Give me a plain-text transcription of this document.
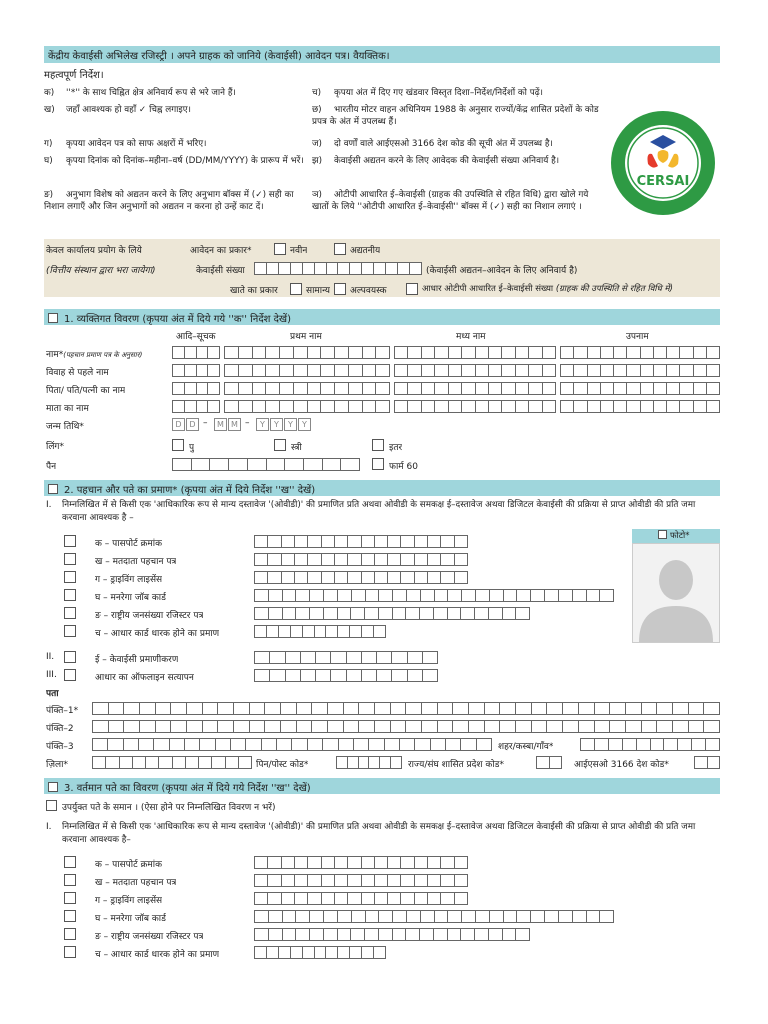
केंद्रीय केवाईसी अभिलेख रजिस्ट्री । अपने ग्राहक को जानिये (केवाईसी) आवेदन पत्र। वैयक्तिक।
महत्वपूर्ण निर्देश।
क) ''*'' के साथ चिह्नित क्षेत्र अनिवार्य रूप से भरे जाने हैं।
ख) जहाँ आवश्यक हो वहाँ ✓ चिह्न लगाइए।
ग) कृपया आवेदन पत्र को साफ अक्षरों में भरिए।
घ) कृपया दिनांक को दिनांक–महीना–वर्ष (DD/MM/YYYY) के प्रारूप में भरें।
ङ) अनुभाग विशेष को अद्यतन करने के लिए अनुभाग बॉक्स में (✓) सही का निशान लगाएँ और जिन अनुभागों को अद्यतन न करना हो उन्हें काट दें।
च) कृपया अंत में दिए गए खंडवार विस्तृत दिशा–निर्देश/निर्देशों को पढ़ें।
छ) भारतीय मोटर वाहन अधिनियम 1988 के अनुसार राज्यों/केंद्र शासित प्रदेशों के कोड प्रपत्र के अंत में उपलब्ध हैं।
ज) दो वर्णों वाले आईएसओ 3166 देश कोड की सूची अंत में उपलब्ध है।
झ) केवाईसी अद्यतन करने के लिए आवेदक की केवाईसी संख्या अनिवार्य है।
ञ) ओटीपी आधारित ई–केवाईसी (ग्राहक की उपस्थिति से रहित विधि) द्वारा खोले गये खातों के लिये ''ओटीपी आधारित ई–केवाईसी'' बॉक्स में (✓) सही का निशान लगाएं ।
CERSAI
केवल कार्यालय प्रयोग के लिये	आवेदन का प्रकार*	नवीन	अद्यतनीय
(वित्तीय संस्थान द्वारा भरा जायेगा)	केवाईसी संख्या	(केवाईसी अद्यतन–आवेदन के लिए अनिवार्य है)
खाते का प्रकार	सामान्य अल्पवयस्क	आधार ओटीपी आधारित ई–केवाईसी संख्या (ग्राहक की उपस्थिति से रहित विधि में)
1. व्यक्तिगत विवरण (कृपया अंत में दिये गये ''क'' निर्देश देखें)
आदि–सूचक	प्रथम नाम	मध्य नाम	उपनाम
नाम*(पहचान प्रमाण पत्र के अनुसार)
विवाह से पहले नाम
पिता/ पति/पत्नी का नाम
माता का नाम
जन्म तिथि*	D D –	M M –	Y	Y	Y	Y
लिंग*	पु	स्त्री	इतर
पैन	फार्म 60
2. पहचान और पते का प्रमाण* (कृपया अंत में दिये निर्देश ''ख'' देखें)
I. निम्नलिखित में से किसी एक 'आधिकारिक रूप से मान्य दस्तावेज '(ओवीडी)' की प्रमाणित प्रति अथवा ओवीडी के समकक्ष ई–दस्तावेज अथवा डिजिटल केवाईसी की प्रक्रिया से प्राप्त ओवीडी की प्रति जमा करवाना आवश्यक है –
क – पासपोर्ट क्रमांक
ख – मतदाता पहचान पत्र
ग – ड्राइविंग लाइसेंस
घ – मनरेगा जॉब कार्ड
ङ – राष्ट्रीय जनसंख्या रजिस्टर पत्र
च – आधार कार्ड धारक होने का प्रमाण
फोटो*
II.	ई – केवाईसी प्रमाणीकरण
III.	आधार का ऑफलाइन सत्यापन
पता
पंक्ति–1*
पंक्ति–2
पंक्ति–3	शहर/कस्बा/गाँव*
ज़िला*	पिन/पोस्ट कोड*	राज्य/संघ शासित प्रदेश कोड*	आईएसओ 3166 देश कोड*
3. वर्तमान पते का विवरण (कृपया अंत में दिये गये निर्देश ''ख'' देखें)
उपर्युक्त पते के समान । (ऐसा होने पर निम्नलिखित विवरण न भरें)
I. निम्नलिखित में से किसी एक 'आधिकारिक रूप से मान्य दस्तावेज '(ओवीडी)' की प्रमाणित प्रति अथवा ओवीडी के समकक्ष ई–दस्तावेज अथवा डिजिटल केवाईसी की प्रक्रिया से प्राप्त ओवीडी की प्रति जमा करवाना आवश्यक है–
क – पासपोर्ट क्रमांक
ख – मतदाता पहचान पत्र
ग – ड्राइविंग लाइसेंस
घ – मनरेगा जॉब कार्ड
ङ – राष्ट्रीय जनसंख्या रजिस्टर पत्र
च – आधार कार्ड धारक होने का प्रमाण
